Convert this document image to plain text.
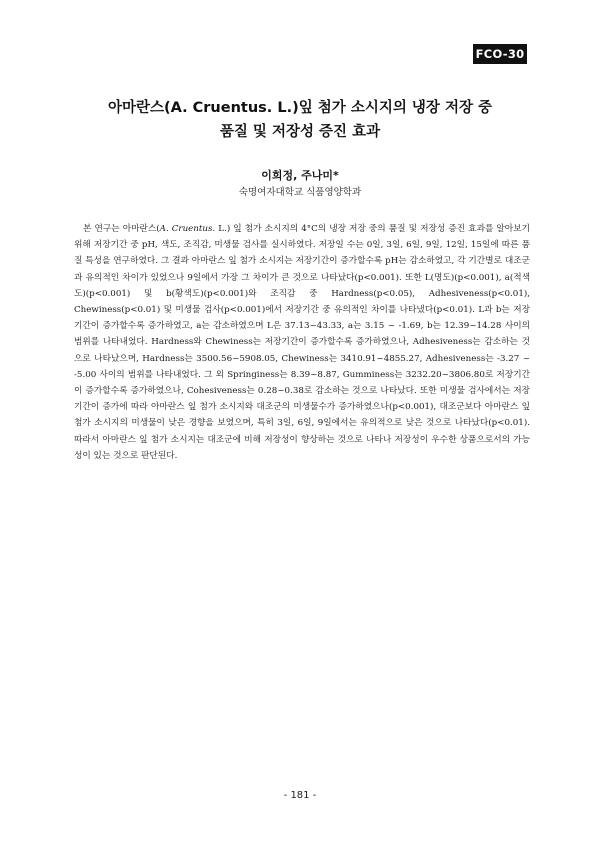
FCO-30
아마란스(A. Cruentus. L.)잎 첨가 소시지의 냉장 저장 중
품질 및 저장성 증진 효과
이희정, 주나미*
숙명여자대학교 식품영양학과

본 연구는 아마란스(A. Cruentus. L.) 잎 첨가 소시지의 4°C의 냉장 저장 중의 품질 및 저장성 증진 효과를 알아보기 위해 저장기간 중 pH, 색도, 조직감, 미생물 검사를 실시하였다. 저장일 수는 0일, 3일, 6일, 9일, 12일, 15일에 따른 품질 특성을 연구하였다. 그 결과 아마란스 잎 첨가 소시지는 저장기간이 증가할수록 pH는 감소하였고, 각 기간별로 대조군과 유의적인 차이가 있었으나 9일에서 가장 그 차이가 큰 것으로 나타났다(p<0.001). 또한 L(명도)(p<0.001), a(적색도)(p<0.001) 및 b(황색도)(p<0.001)와 조직감 중 Hardness(p<0.05), Adhesiveness(p<0.01), Chewiness(p<0.01) 및 미생물 검사(p<0.001)에서 저장기간 중 유의적인 차이를 나타냈다(p<0.01). L과 b는 저장기간이 증가할수록 증가하였고, a는 감소하였으며 L은 37.13~43.33, a는 3.15 ~ -1.69, b는 12.39~14.28 사이의 범위를 나타내었다. Hardness와 Chewiness는 저장기간이 증가할수록 증가하였으나, Adhesiveness는 감소하는 것으로 나타났으며, Hardness는 3500.56~5908.05, Chewiness는 3410.91~4855.27, Adhesiveness는 -3.27 ~ -5.00 사이의 범위를 나타내었다. 그 외 Springiness는 8.39~8.87, Gumminess는 3232.20~3806.80로 저장기간이 증가할수록 증가하였으나, Cohesiveness는 0.28~0.38로 감소하는 것으로 나타났다. 또한 미생물 검사에서는 저장기간이 증가에 따라 아마란스 잎 첨가 소시지와 대조군의 미생물수가 증가하였으나(p<0.001), 대조군보다 아마란스 잎 첨가 소시지의 미생물이 낮은 경향을 보였으며, 특히 3일, 6일, 9일에서는 유의적으로 낮은 것으로 나타났다(p<0.01). 따라서 아마란스 잎 첨가 소시지는 대조군에 비해 저장성이 향상하는 것으로 나타나 저장성이 우수한 상품으로서의 가능성이 있는 것으로 판단된다.

- 181 -
